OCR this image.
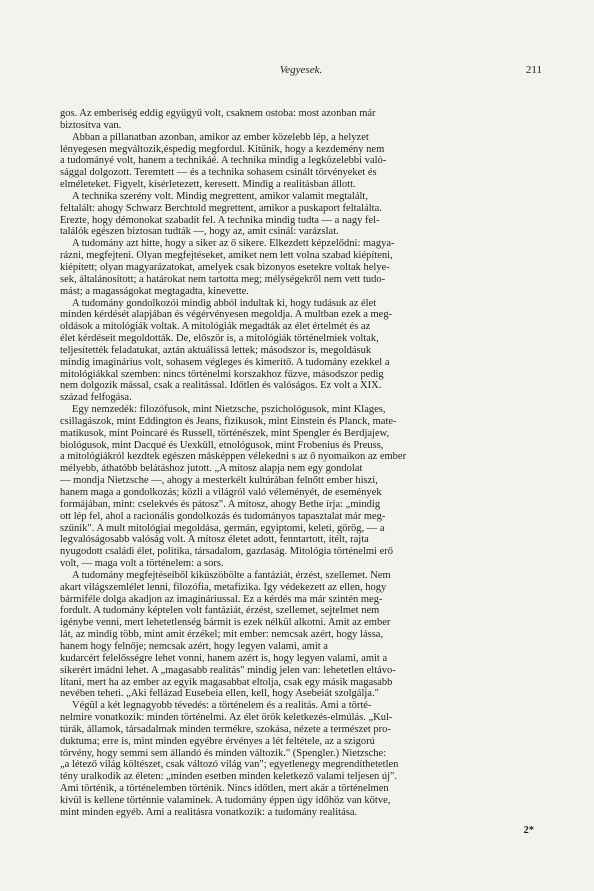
Vegyesek.	211
gos. Az emberiség eddig együgyű volt, csaknem ostoba: most azonban már
biztosítva van.
Abban a pillanatban azonban, amikor az ember közelebb lép, a helyzet
lényegesen megváltozik,éspedig megfordul. Kitűnik, hogy a kezdemény nem
a tudományé volt, hanem a technikáé. A technika mindig a legközelebbi való-
sággal dolgozott. Teremtett — és a technika sohasem csinált törvényeket és
elméleteket. Figyelt, kísérletezett, keresett. Mindig a realitásban állott.
A technika szerény volt. Mindig megrettent, amikor valamit megtalált,
feltalált: ahogy Schwarz Berchtold megrettent, amikor a puskaport feltalálta.
Érezte, hogy démonokat szabadít fel. A technika mindig tudta — a nagy fel-
találók egészen biztosan tudták —, hogy az, amit csinál: varázslat.
A tudomány azt hitte, hogy a siker az ő sikere. Elkezdett képzelődni: magya-
rázni, megfejteni. Olyan megfejtéseket, amiket nem lett volna szabad kiépíteni,
kiépített; olyan magyarázatokat, amelyek csak bizonyos esetekre voltak helye-
sek, általánosított; a határokat nem tartotta meg; mélységekről nem vett tudo-
mást; a magasságokat megtagadta, kinevette.
A tudomány gondolkozói mindig abból indultak ki, hogy tudásuk az élet
minden kérdését alapjában és végérvényesen megoldja. A multban ezek a meg-
oldások a mitológiák voltak. A mitológiák megadták az élet értelmét és az
élet kérdéseit megoldották. De, először is, a mitológiák történelmiek voltak,
teljesítették feladatukat, aztán aktuálissá lettek; másodszor is, megoldásuk
mindig imaginárius volt, sohasem végleges és kimerítő. A tudomány ezekkel a
mitológiákkal szemben: nincs történelmi korszakhoz fűzve, másodszor pedig
nem dolgozik mással, csak a realitással. Időtlen és valóságos. Ez volt a XIX.
század felfogása.
Egy nemzedék: filozófusok, mint Nietzsche, pszichológusok, mint Klages,
csillagászok, mint Eddington és Jeans, fizikusok, mint Einstein és Planck, mate-
matikusok, mint Poincaré és Russell, történészek, mint Spengler és Berdjajew,
biológusok, mint Dacqué és Uexküll, etnológusok, mint Frobenius és Preuss,
a mitológiákról kezdtek egészen másképpen vélekedni s az ő nyomaikon az ember
mélyebb, áthatóbb belátáshoz jutott. „A mítosz alapja nem egy gondolat
— mondja Nietzsche —, ahogy a mesterkélt kultúrában felnőtt ember hiszi,
hanem maga a gondolkozás; közli a világról való véleményét, de események
formájában, mint: cselekvés és pátosz". A mítosz, ahogy Bethe írja: „mindig
ott lép fel, ahol a racionális gondolkozás és tudományos tapasztalat már meg-
szűnik". A mult mitológiai megoldása, germán, egyiptomi, keleti, görög, — a
legvalóságosabb valóság volt. A mítosz életet adott, fenntartott, ítélt, rajta
nyugodott családi élet, politika, társadalom, gazdaság. Mitológia történelmi erő
volt, — maga volt a történelem: a sors.
A tudomány megfejtéseiből kiküszöbölte a fantáziát, érzést, szellemet. Nem
akart világszemlélet lenni, filozófia, metafizika. Így védekezett az ellen, hogy
bármiféle dolga akadjon az imagináriussal. Ez a kérdés ma már szintén meg-
fordult. A tudomány képtelen volt fantáziát, érzést, szellemet, sejtelmet nem
igénybe venni, mert lehetetlenség bármit is ezek nélkül alkotni. Amit az ember
lát, az mindig több, mint amit érzékel; mit ember: nemcsak azért, hogy lássa,
hanem hogy felnője; nemcsak azért, hogy legyen valami, amit a
kudarcért felelősségre lehet vonni, hanem azért is, hogy legyen valami, amit a
sikerért imádni lehet. A „magasabb realitás" mindig jelen van: lehetetlen eltávo-
lítani, mert ha az ember az egyik magasabbat eltolja, csak egy másik magasabb
nevében teheti. „Aki fellázad Eusebeia ellen, kell, hogy Asebeiát szolgálja."
Végül a két legnagyobb tévedés: a történelem és a realitás. Ami a törté-
nelmire vonatkozik: minden történelmi. Az élet örök keletkezés-elmúlás. „Kul-
túrák, államok, társadalmak minden termékre, szokása, nézete a természet pro-
duktuma; erre is, mint minden egyébre érvényes a lét feltétele, az a szigorú
törvény, hogy semmi sem állandó és minden változik." (Spengler.) Nietzsche:
„a létező világ költészet, csak változó világ van"; egyetlenegy megrendíthetetlen
tény uralkodik az életen: „minden esetben minden keletkező valami teljesen új".
Ami történik, a történelemben történik. Nincs időtlen, mert akár a történelmen
kívül is kellene történnie valaminek. A tudomány éppen úgy időhöz van kötve,
mint minden egyéb. Ami a realitásra vonatkozik: a tudomány realitása.
2*
